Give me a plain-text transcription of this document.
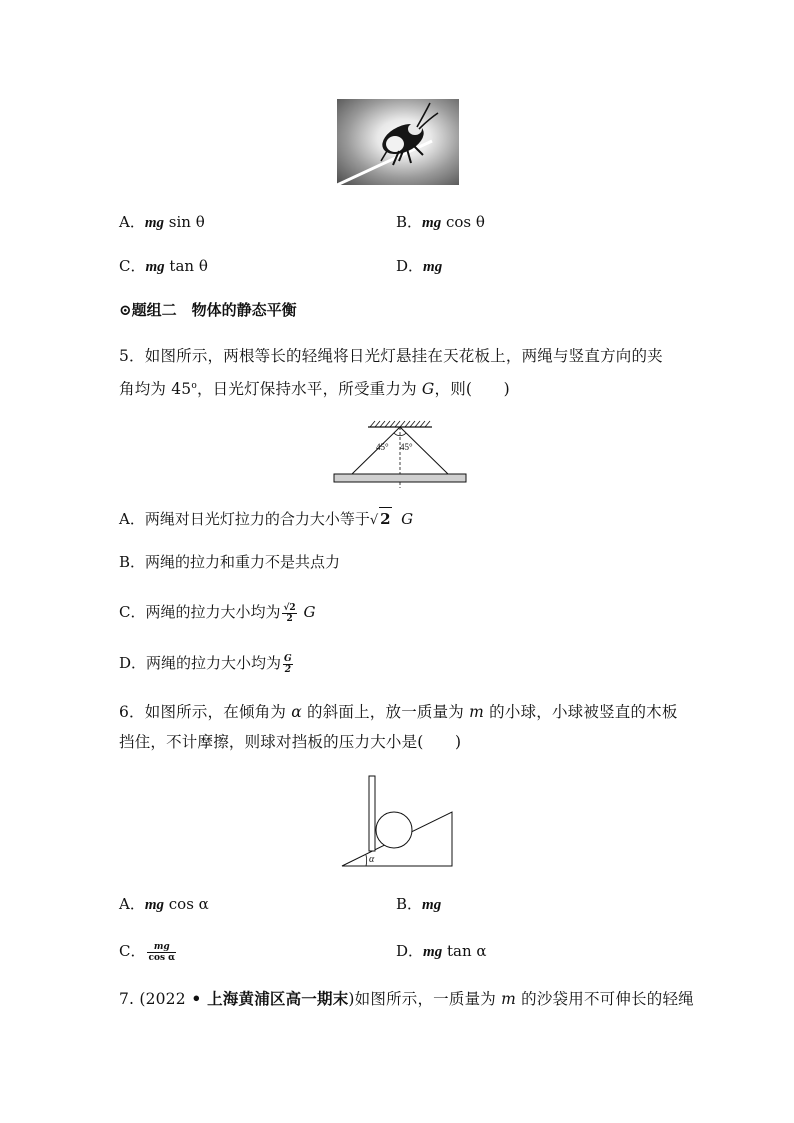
A．mg sin θ	B．mg cos θ
C．mg tan θ	D．mg
⊙题组二　物体的静态平衡
5．如图所示，两根等长的轻绳将日光灯悬挂在天花板上，两绳与竖直方向的夹
角均为 45$^o$，日光灯保持水平，所受重力为 G，则(　　)
45° 45°
A．两绳对日光灯拉力的合力大小等于√ 2 G
B．两绳的拉力和重力不是共点力
C．两绳的拉力大小均为 $\frac{√2}{2}$ G
D．两绳的拉力大小均为 $\frac{G}{2}$
6．如图所示，在倾角为 α 的斜面上，放一质量为 m 的小球，小球被竖直的木板
挡住，不计摩擦，则球对挡板的压力大小是(　　)
α
A．mg cos α	B．mg
C． $\frac{mg}{\text{cos α}}$	D．mg tan α
7. (2022 • 上海黄浦区高一期末)如图所示，一质量为 m 的沙袋用不可伸长的轻绳
